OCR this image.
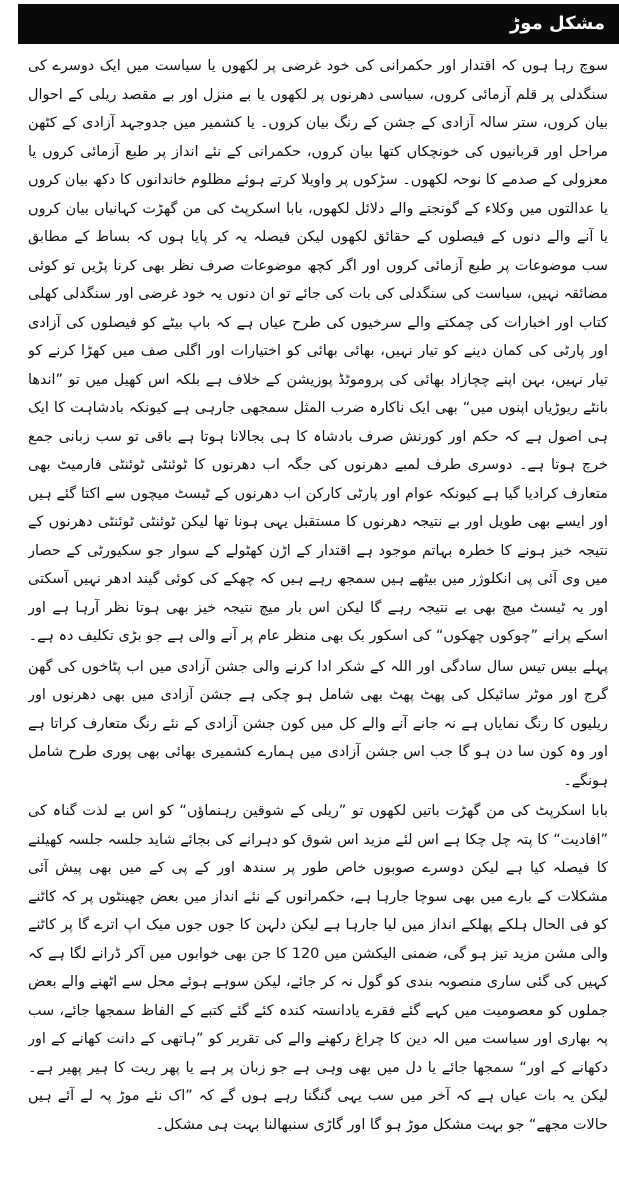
مشکل موڑ

سوچ رہا ہوں کہ اقتدار اور حکمرانی کی خود غرضی پر لکھوں یا سیاست میں ایک دوسرے کی سنگدلی پر قلم آزمائی کروں، سیاسی دھرنوں پر لکھوں یا بے منزل اور بے مقصد ریلی کے احوال بیان کروں، ستر سالہ آزادی کے جشن کے رنگ بیان کروں۔ یا کشمیر میں جدوجہد آزادی کے کٹھن مراحل اور قربانیوں کی خونچکاں کتھا بیان کروں، حکمرانی کے نئے انداز پر طبع آزمائی کروں یا معزولی کے صدمے کا نوحہ لکھوں۔ سڑکوں پر واویلا کرتے ہوئے مظلوم خاندانوں کا دکھ بیان کروں یا عدالتوں میں وکلاء کے گونجتے والے دلائل لکھوں، بابا اسکرپٹ کی من گھڑت کہانیاں بیان کروں یا آنے والے دنوں کے فیصلوں کے حقائق لکھوں لیکن فیصلہ یہ کر پایا ہوں کہ بساط کے مطابق سب موضوعات پر طبع آزمائی کروں اور اگر کچھ موضوعات صرف نظر بھی کرنا پڑیں تو کوئی مضائقہ نہیں، سیاست کی سنگدلی کی بات کی جائے تو ان دنوں یہ خود غرضی اور سنگدلی کھلی کتاب اور اخبارات کی چمکتے والے سرخیوں کی طرح عیاں ہے کہ باپ بیٹے کو فیصلوں کی آزادی اور پارٹی کی کمان دینے کو تیار نہیں، بھائی بھائی کو اختیارات اور اگلی صف میں کھڑا کرنے کو تیار نہیں، بہن اپنے چچازاد بھائی کی پروموٹڈ پوزیشن کے خلاف ہے بلکہ اس کھیل میں تو ”اندھا بانٹے ریوڑیاں اپنوں میں“ بھی ایک ناکارہ ضرب المثل سمجھی جارہی ہے کیونکہ بادشاہت کا ایک ہی اصول ہے کہ حکم اور کورنش صرف بادشاہ کا ہی بجالانا ہوتا ہے باقی تو سب زبانی جمع خرچ ہوتا ہے۔ دوسری طرف لمبے دھرنوں کی جگہ اب دھرنوں کا ٹوئنٹی ٹوئنٹی فارمیٹ بھی متعارف کرادیا گیا ہے کیونکہ عوام اور پارٹی کارکن اب دھرنوں کے ٹیسٹ میچوں سے اکتا گئے ہیں اور ایسے بھی طویل اور بے نتیجہ دھرنوں کا مستقبل یہی ہونا تھا لیکن ٹوئنٹی ٹوئنٹی دھرنوں کے نتیجہ خیز ہونے کا خطرہ بہاتم موجود ہے اقتدار کے اڑن کھٹولے کے سوار جو سکیورٹی کے حصار میں وی آئی پی انکلوژر میں بیٹھے ہیں سمجھ رہے ہیں کہ چھکے کی کوئی گیند ادھر نہیں آسکتی اور یہ ٹیسٹ میچ بھی بے نتیجہ رہے گا لیکن اس بار میچ نتیجہ خیز بھی ہوتا نظر آرہا ہے اور اسکے پرانے ”چوکوں چھکوں“ کی اسکور بک بھی منظر عام پر آنے والی ہے جو بڑی تکلیف دہ ہے۔

پہلے بیس تیس سال سادگی اور اللہ کے شکر ادا کرنے والی جشن آزادی میں اب پٹاخوں کی گھن گرج اور موٹر سائیکل کی پھٹ پھٹ بھی شامل ہو چکی ہے جشن آزادی میں بھی دھرنوں اور ریلیوں کا رنگ نمایاں ہے نہ جانے آنے والے کل میں کون جشن آزادی کے نئے رنگ متعارف کراتا ہے اور وہ کون سا دن ہو گا جب اس جشن آزادی میں ہمارے کشمیری بھائی بھی پوری طرح شامل ہونگے۔

بابا اسکرپٹ کی من گھڑت باتیں لکھوں تو ”ریلی کے شوقین رہنماؤں“ کو اس بے لذت گناہ کی ”افادیت“ کا پتہ چل چکا ہے اس لئے مزید اس شوق کو دہرانے کی بجائے شاید جلسہ جلسہ کھیلنے کا فیصلہ کیا ہے لیکن دوسرے صوبوں خاص طور پر سندھ اور کے پی کے میں بھی پیش آئی مشکلات کے بارے میں بھی سوچا جارہا ہے، حکمرانوں کے نئے انداز میں بعض چھینٹوں پر کہ کاٹنے کو فی الحال ہلکے پھلکے انداز میں لیا جارہا ہے لیکن دلہن کا جوں جوں میک اپ اترے گا پر کاٹنے والی مشن مزید تیز ہو گی، ضمنی الیکشن میں 120 کا جن بھی خوابوں میں آکر ڈرانے لگا ہے کہ کہیں کی گئی ساری منصوبہ بندی کو گول نہ کر جائے، لیکن سوہے ہوئے محل سے اٹھنے والے بعض جملوں کو معصومیت میں کہے گئے فقرے یادانستہ کندہ کئے گئے کتبے کے الفاظ سمجھا جائے، سب پہ بھاری اور سیاست میں الہ دین کا چراغ رکھنے والے کی تقریر کو ”ہاتھی کے دانت کھانے کے اور دکھانے کے اور“ سمجھا جائے یا دل میں بھی وہی ہے جو زبان پر ہے یا پھر ریت کا ہیر پھیر ہے۔ لیکن یہ بات عیاں ہے کہ آخر میں سب یہی گنگنا رہے ہوں گے کہ ”اک نئے موڑ پہ لے آئے ہیں حالات مجھے“ جو بہت مشکل موڑ ہو گا اور گاڑی سنبھالنا بہت ہی مشکل۔
